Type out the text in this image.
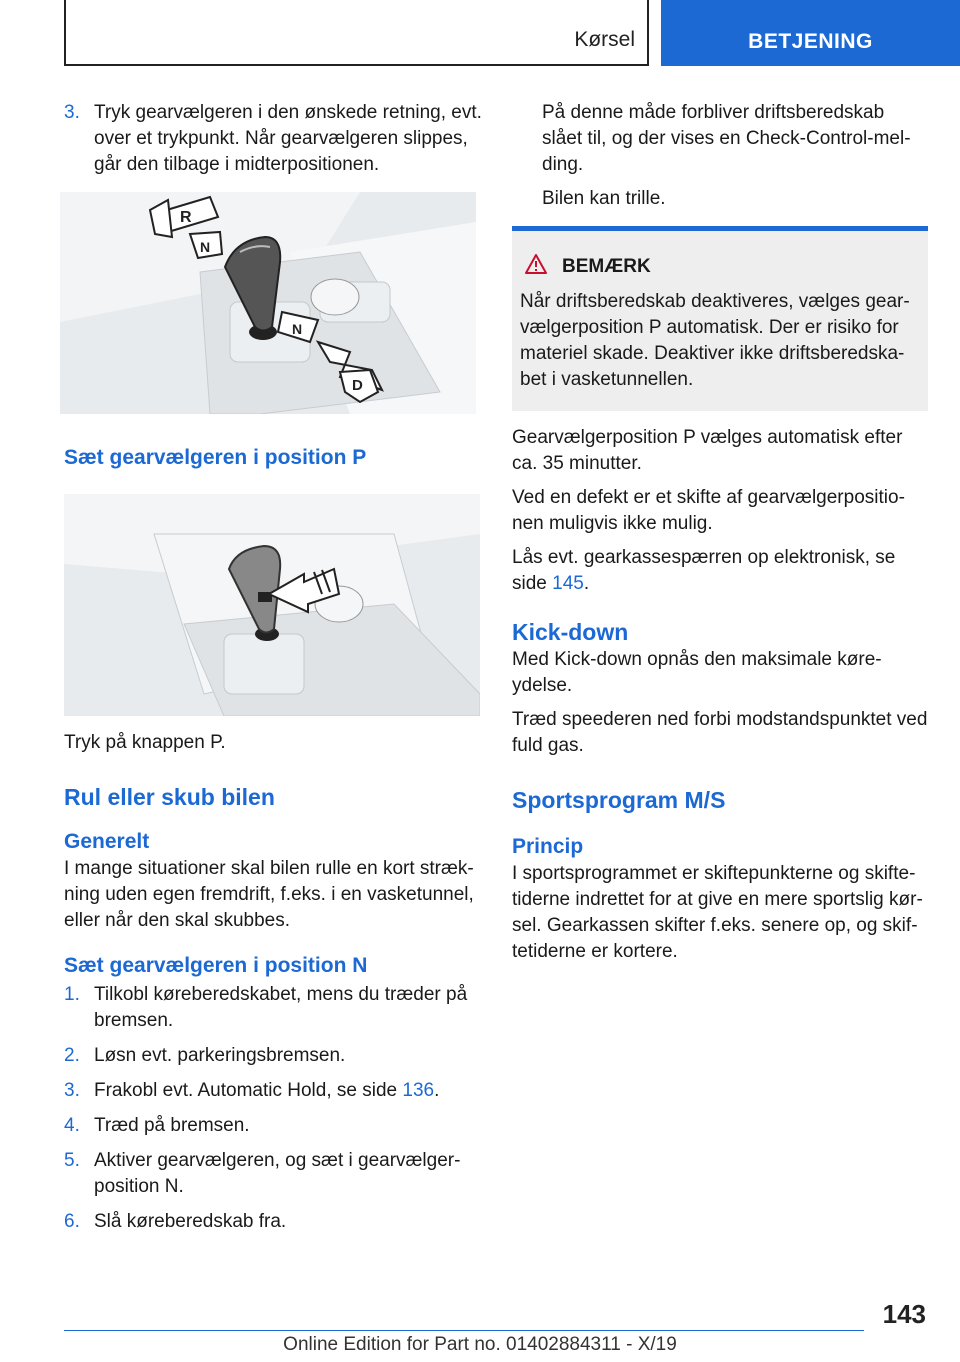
Kørsel	BETJENING
3. Tryk gearvælgeren i den ønskede retning, evt. over et trykpunkt. Når gearvælgeren slippes, går den tilbage i midterpositionen.
R
N
N
D
Sæt gearvælgeren i position P

Tryk på knappen P.

Rul eller skub bilen
Generelt

I mange situationer skal bilen rulle en kort strækning uden egen fremdrift, f.eks. i en vasketunnel, eller når den skal skubbes.

Sæt gearvælgeren i position N
1. Tilkobl køreberedskabet, mens du træder på bremsen.
2. Løsn evt. parkeringsbremsen.
3. Frakobl evt. Automatic Hold, se side 136.
4. Træd på bremsen.
5. Aktiver gearvælgeren, og sæt i gearvælgerposition N.
6. Slå køreberedskab fra.

På denne måde forbliver driftsberedskab slået til, og der vises en Check-Control-melding.

Bilen kan trille.

BEMÆRK
Når driftsberedskab deaktiveres, vælges gearvælgerposition P automatisk. Der er risiko for materiel skade. Deaktiver ikke driftsberedskabet i vasketunnellen.

Gearvælgerposition P vælges automatisk efter ca. 35 minutter.

Ved en defekt er et skifte af gearvælgerpositionen muligvis ikke mulig.

Lås evt. gearkassespærren op elektronisk, se side 145.

Kick-down

Med Kick-down opnås den maksimale køreydelse.

Træd speederen ned forbi modstandspunktet ved fuld gas.

Sportsprogram M/S
Princip

I sportsprogrammet er skiftepunkterne og skiftetiderne indrettet for at give en mere sportslig kørsel. Gearkassen skifter f.eks. senere op, og skiftetiderne er kortere.

143
Online Edition for Part no. 01402884311 - X/19
